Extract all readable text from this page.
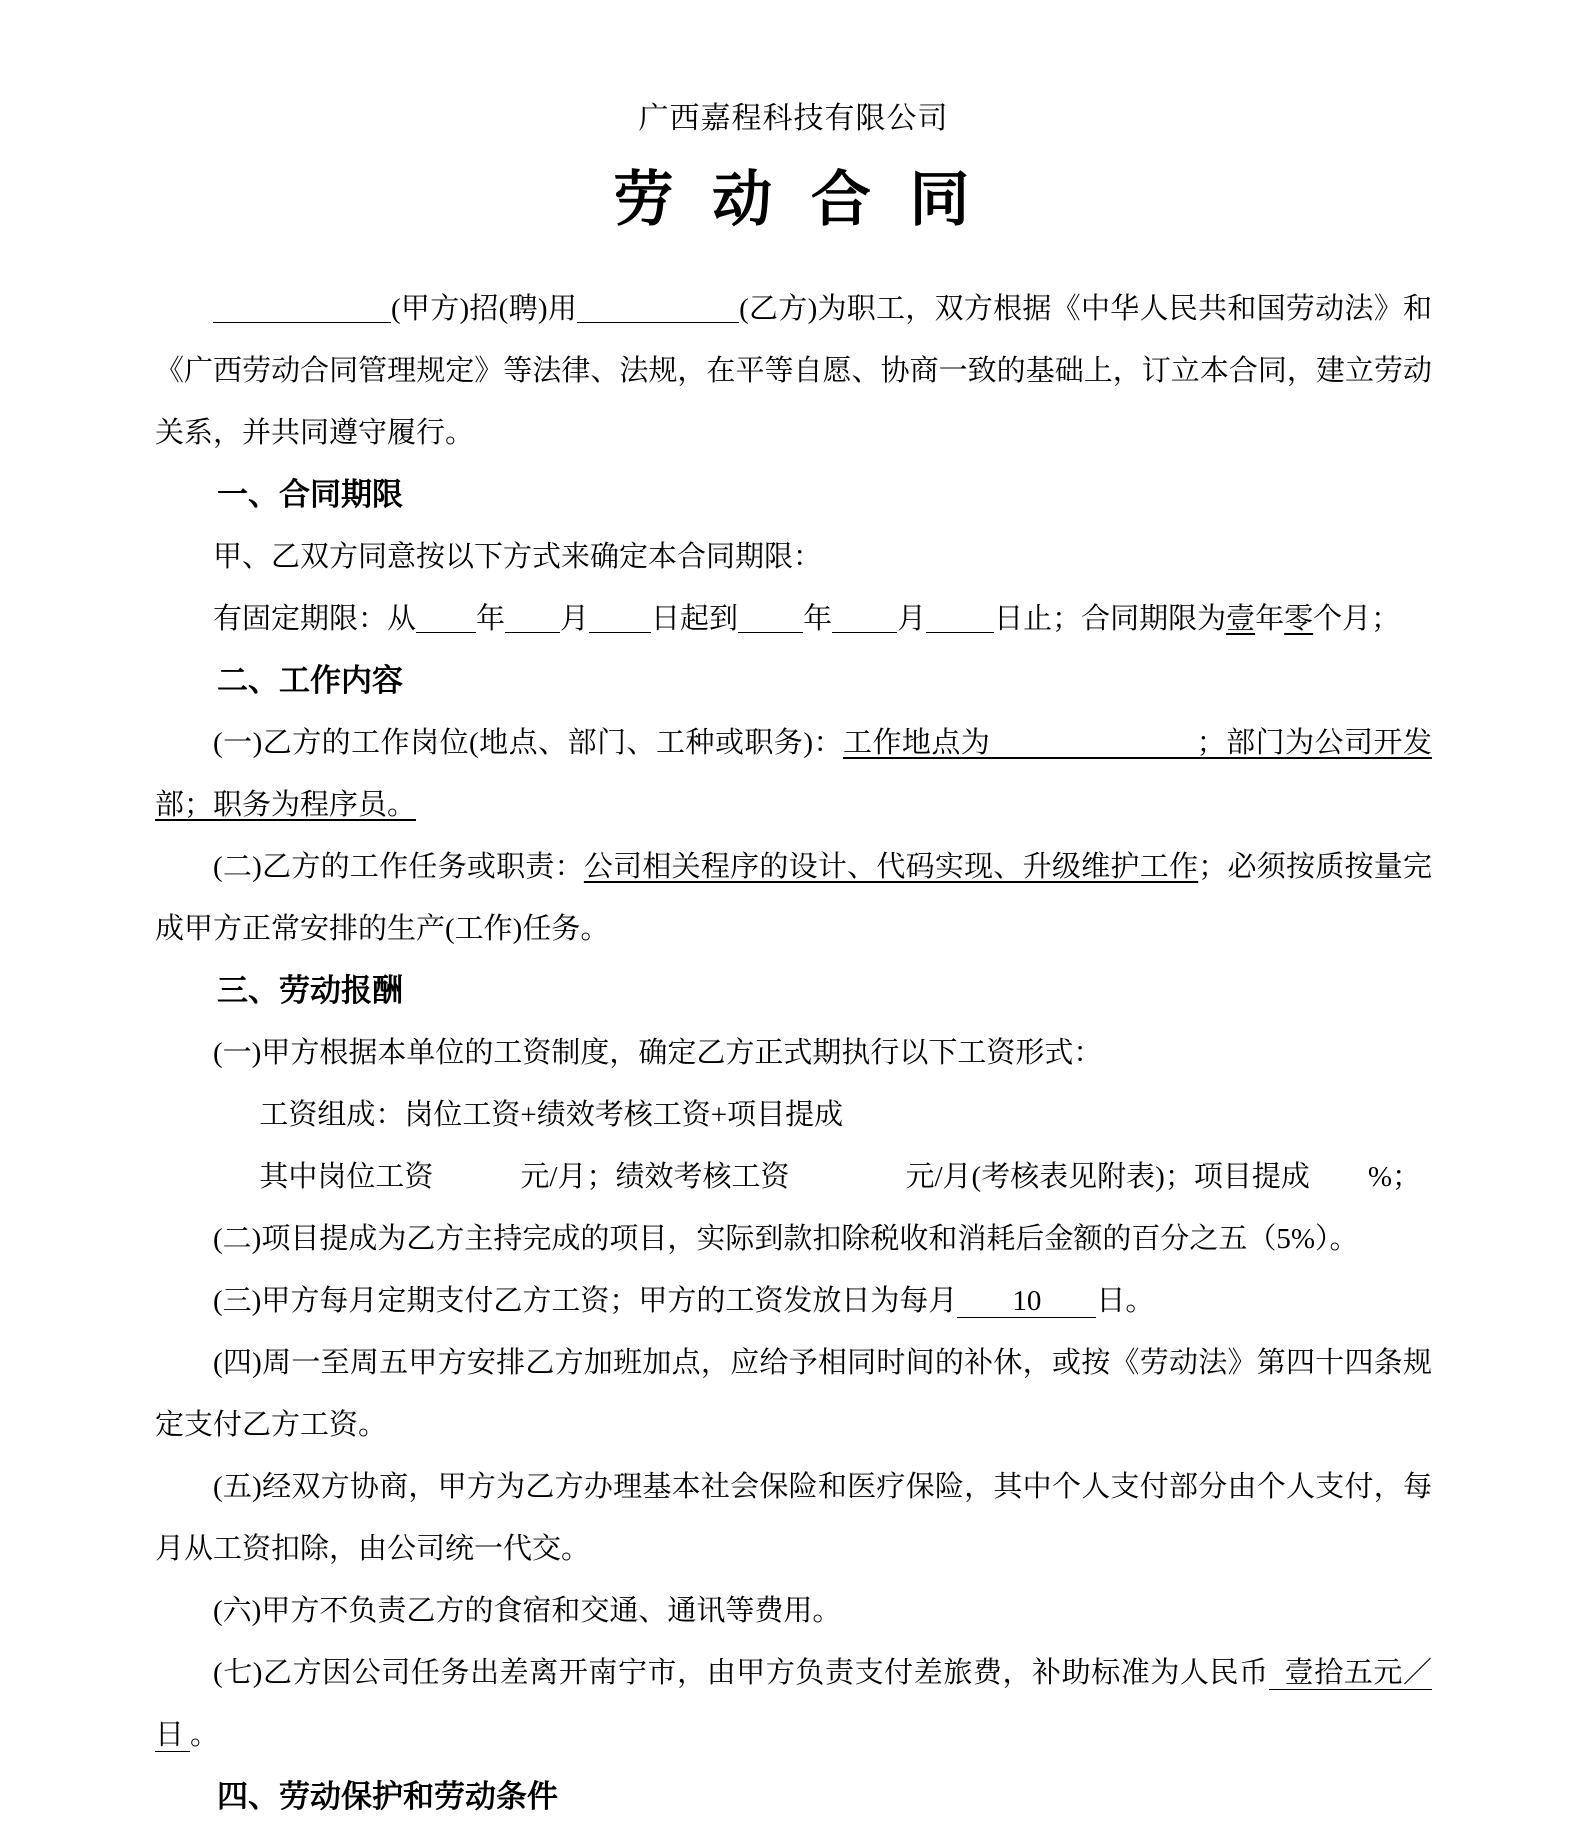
广西嘉程科技有限公司
劳 动 合 同
(甲方)招(聘)用	(乙方)为职工，双方根据《中华人民共和国劳动法》和《广西劳动合同管理规定》等法律、法规，在平等自愿、协商一致的基础上，订立本合同，建立劳动关系，并共同遵守履行。
一、合同期限
甲、乙双方同意按以下方式来确定本合同期限：
有固定期限：从 年 月 日起到 年 月 日止；合同期限为壹年零个月；
二、工作内容
(一)乙方的工作岗位(地点、部门、工种或职务)：工作地点为　　　　　　　；部门为公司开发部；职务为程序员。
(二)乙方的工作任务或职责：公司相关程序的设计、代码实现、升级维护工作；必须按质按量完成甲方正常安排的生产(工作)任务。
三、劳动报酬
(一)甲方根据本单位的工资制度，确定乙方正式期执行以下工资形式：
工资组成：岗位工资+绩效考核工资+项目提成
其中岗位工资　　　元/月；绩效考核工资　　　　元/月(考核表见附表)；项目提成　　%；
(二)项目提成为乙方主持完成的项目，实际到款扣除税收和消耗后金额的百分之五（5%）。
(三)甲方每月定期支付乙方工资；甲方的工资发放日为每月 10 日。
(四)周一至周五甲方安排乙方加班加点，应给予相同时间的补休，或按《劳动法》第四十四条规定支付乙方工资。
(五)经双方协商，甲方为乙方办理基本社会保险和医疗保险，其中个人支付部分由个人支付，每月从工资扣除，由公司统一代交。
(六)甲方不负责乙方的食宿和交通、通讯等费用。
(七)乙方因公司任务出差离开南宁市，由甲方负责支付差旅费，补助标准为人民币 壹拾五元／日 。
四、劳动保护和劳动条件
